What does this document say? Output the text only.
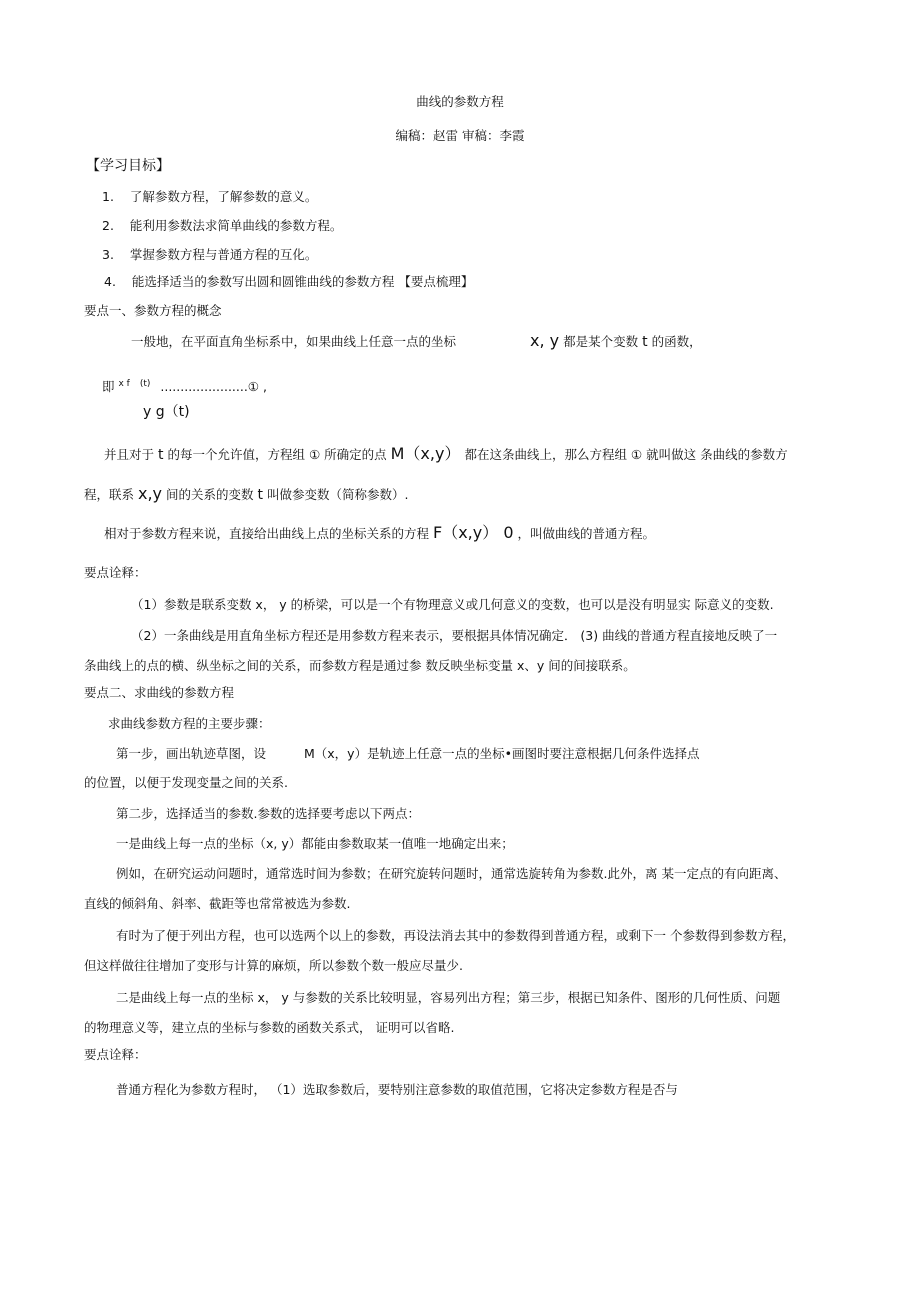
曲线的参数方程
编稿：赵雷 审稿：李霞
【学习目标】
1. 了解参数方程，了解参数的意义。
2. 能利用参数法求简单曲线的参数方程。
3. 掌握参数方程与普通方程的互化。
4. 能选择适当的参数写出圆和圆锥曲线的参数方程 【要点梳理】
要点一、参数方程的概念
一般地，在平面直角坐标系中，如果曲线上任意一点的坐标	x, y 都是某个变数 t 的函数，
即 $^{x f}$ $^{(t)}$ ......................① ,
y g（t)
并且对于 t 的每一个允许值，方程组 ① 所确定的点 M（x,y） 都在这条曲线上，那么方程组 ① 就叫做这 条曲线的参数方
程，联系 x,y 间的关系的变数 t 叫做参变数（简称参数）.
相对于参数方程来说，直接给出曲线上点的坐标关系的方程 F（x,y） 0 ，叫做曲线的普通方程。
要点诠释：
（1）参数是联系变数 x， y 的桥梁，可以是一个有物理意义或几何意义的变数，也可以是没有明显实 际意义的变数.
（2）一条曲线是用直角坐标方程还是用参数方程来表示，要根据具体情况确定． (3) 曲线的普通方程直接地反映了一
条曲线上的点的横、纵坐标之间的关系，而参数方程是通过参 数反映坐标变量 x、y 间的间接联系。
要点二、求曲线的参数方程
求曲线参数方程的主要步骤：
第一步，画出轨迹草图，设	M（x，y）是轨迹上任意一点的坐标•画图时要注意根据几何条件选择点
的位置，以便于发现变量之间的关系.
第二步，选择适当的参数.参数的选择要考虑以下两点：
一是曲线上每一点的坐标（x, y）都能由参数取某一值唯一地确定出来；
例如，在研究运动问题时，通常选时间为参数；在研究旋转问题时，通常选旋转角为参数.此外，离 某一定点的有向距离、
直线的倾斜角、斜率、截距等也常常被选为参数.
有时为了便于列出方程，也可以选两个以上的参数，再设法消去其中的参数得到普通方程，或剩下一 个参数得到参数方程，
但这样做往往增加了变形与计算的麻烦，所以参数个数一般应尽量少.
二是曲线上每一点的坐标 x， y 与参数的关系比较明显，容易列出方程；第三步，根据已知条件、图形的几何性质、问题
的物理意义等，建立点的坐标与参数的函数关系式， 证明可以省略.
要点诠释：
普通方程化为参数方程时， （1）选取参数后，要特别注意参数的取值范围，它将决定参数方程是否与
